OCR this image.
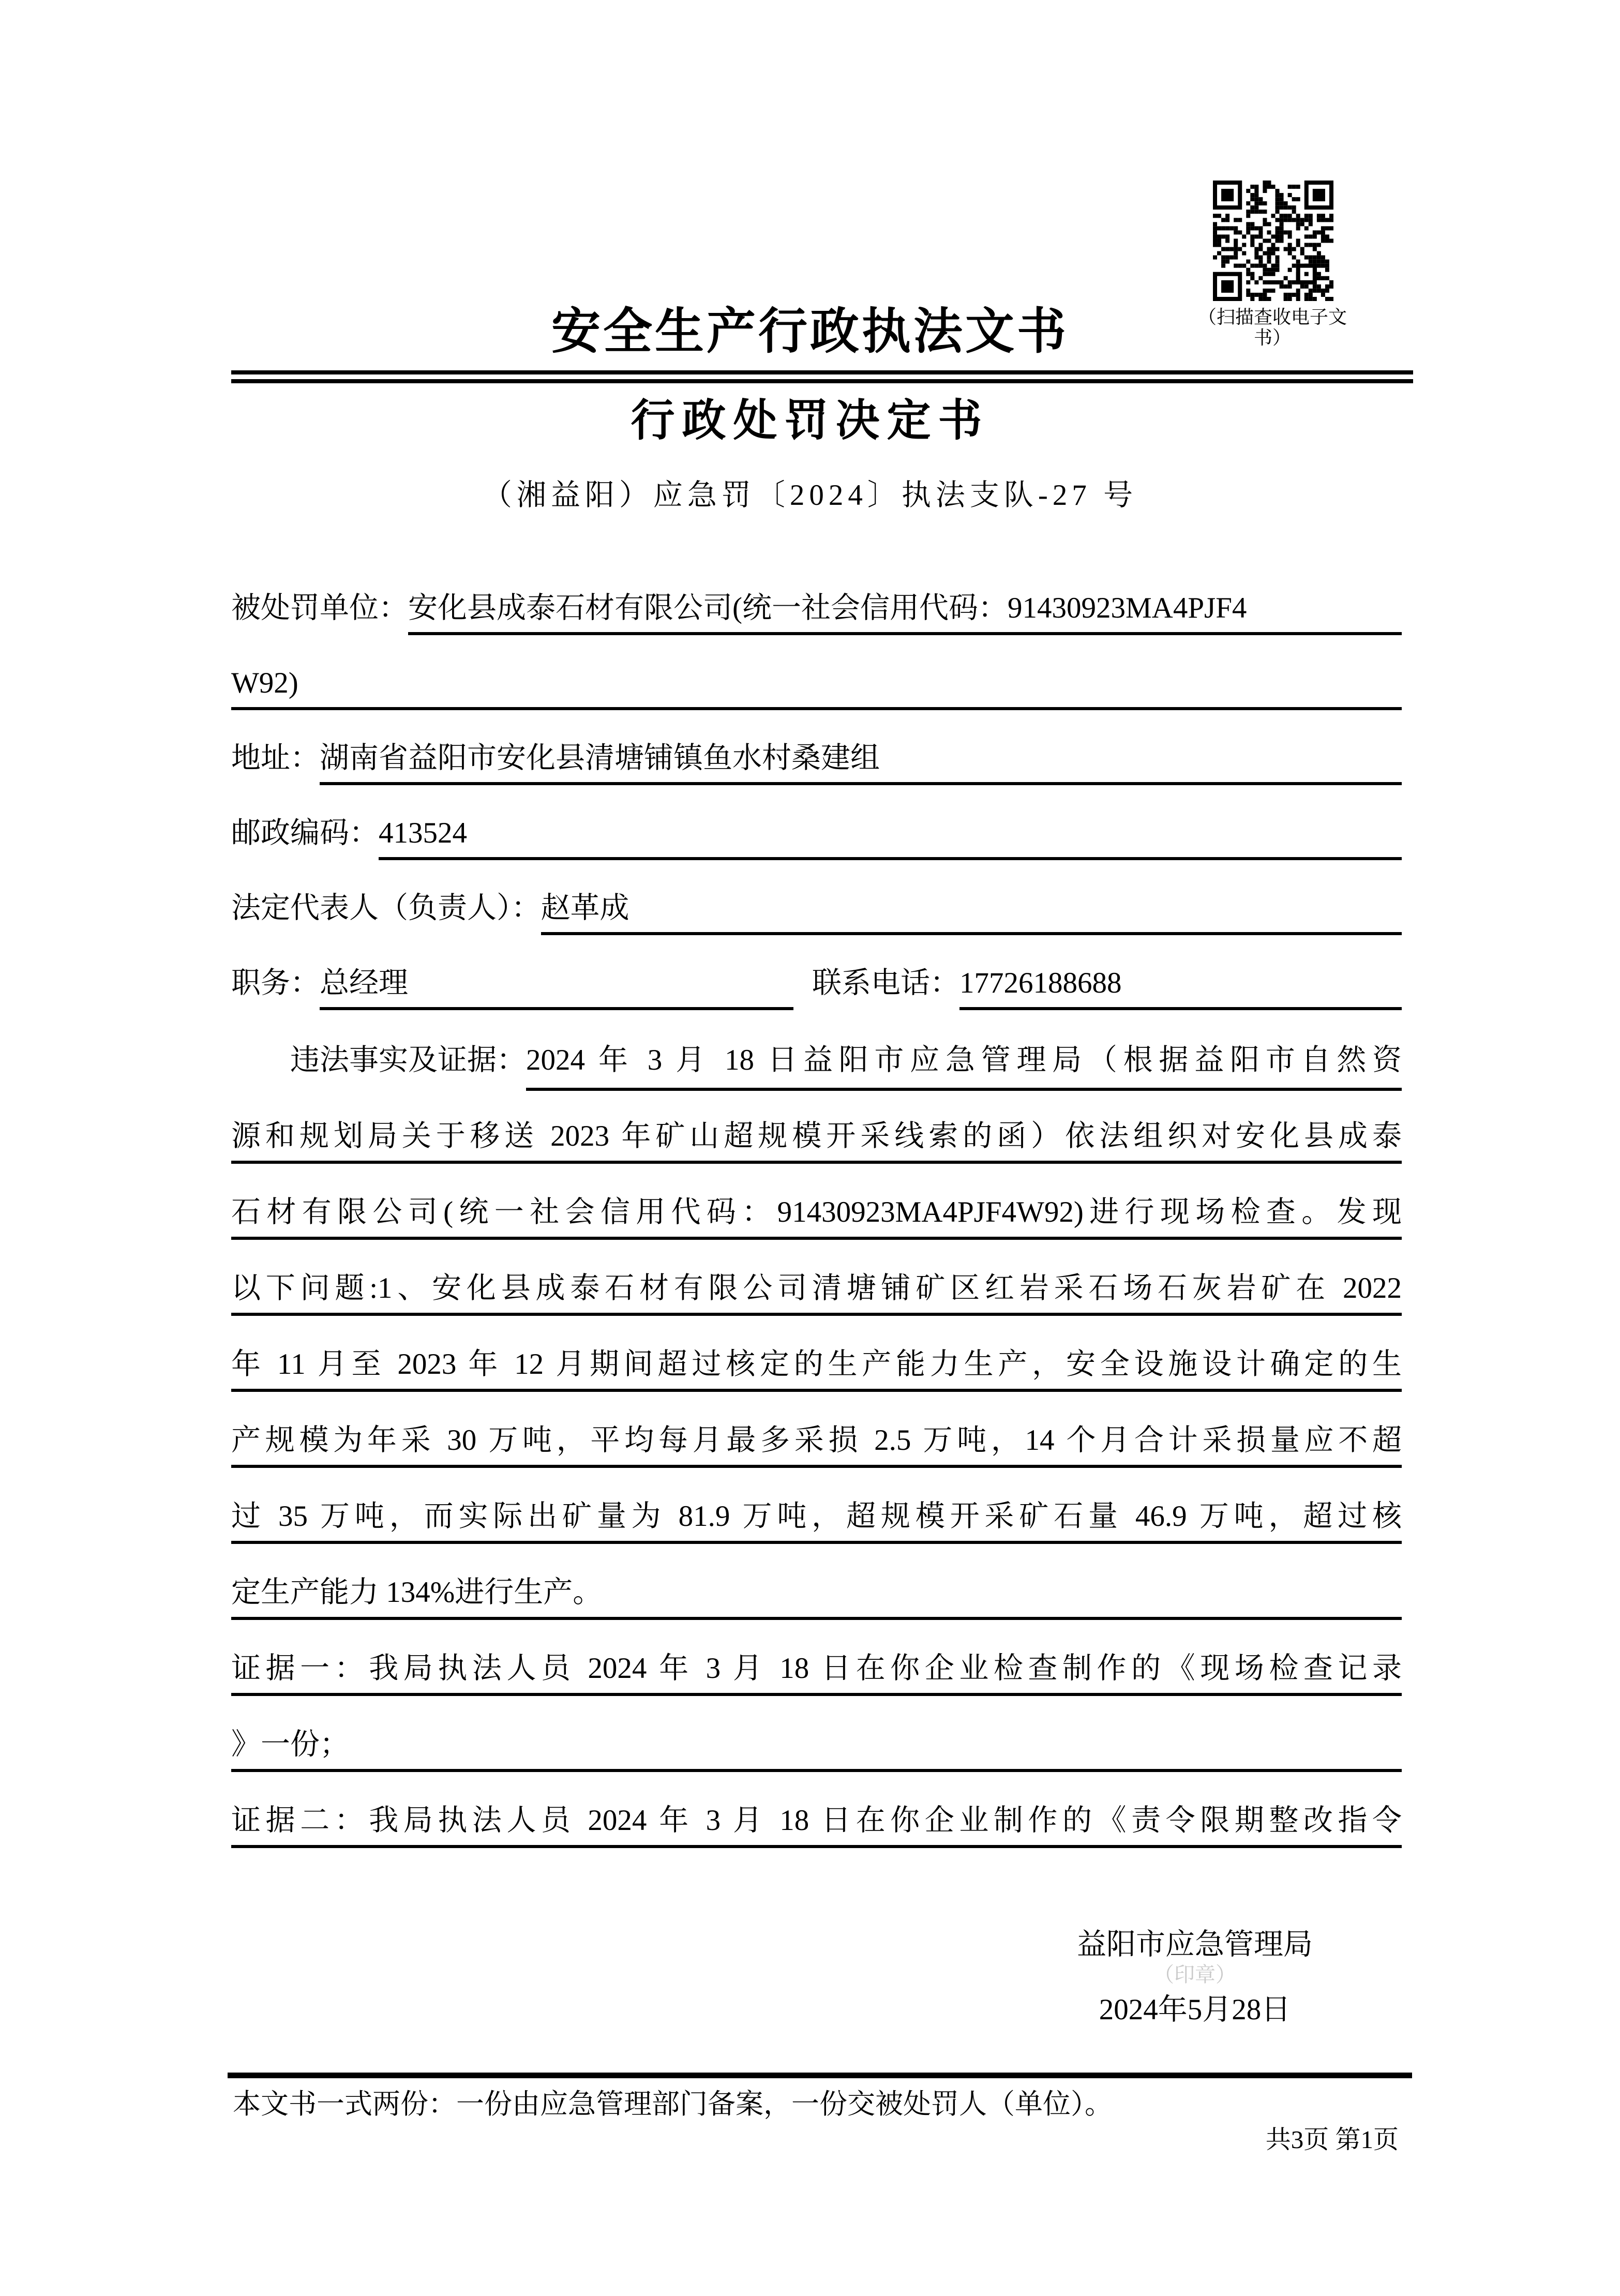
（扫描查收电子文书）
安全生产行政执法文书
行政处罚决定书
（湘益阳）应急罚〔2024〕执法支队-27 号
被处罚单位： 安化县成泰石材有限公司(统一社会信用代码：91430923MA4PJF4
W92)
地址： 湖南省益阳市安化县清塘铺镇鱼水村桑建组
邮政编码： 413524
法定代表人（负责人）： 赵革成
职务： 总经理	联系电话： 17726188688
违法事实及证据： 2024 年 3 月 18 日益阳市应急管理局（根据益阳市自然资
源和规划局关于移送 2023 年矿山超规模开采线索的函）依法组织对安化县成泰
石材有限公司(统一社会信用代码：91430923MA4PJF4W92)进行现场检查。发现
以下问题:1、安化县成泰石材有限公司清塘铺矿区红岩采石场石灰岩矿在 2022
年 11 月至 2023 年 12 月期间超过核定的生产能力生产，安全设施设计确定的生
产规模为年采 30 万吨，平均每月最多采损 2.5 万吨，14 个月合计采损量应不超
过 35 万吨，而实际出矿量为 81.9 万吨，超规模开采矿石量 46.9 万吨，超过核
定生产能力 134%进行生产。
证据一：我局执法人员 2024 年 3 月 18 日在你企业检查制作的《现场检查记录
》一份；
证据二：我局执法人员 2024 年 3 月 18 日在你企业制作的《责令限期整改指令
益阳市应急管理局
（印章）
2024年5月28日
本文书一式两份：一份由应急管理部门备案，一份交被处罚人（单位）。
共3页 第1页
